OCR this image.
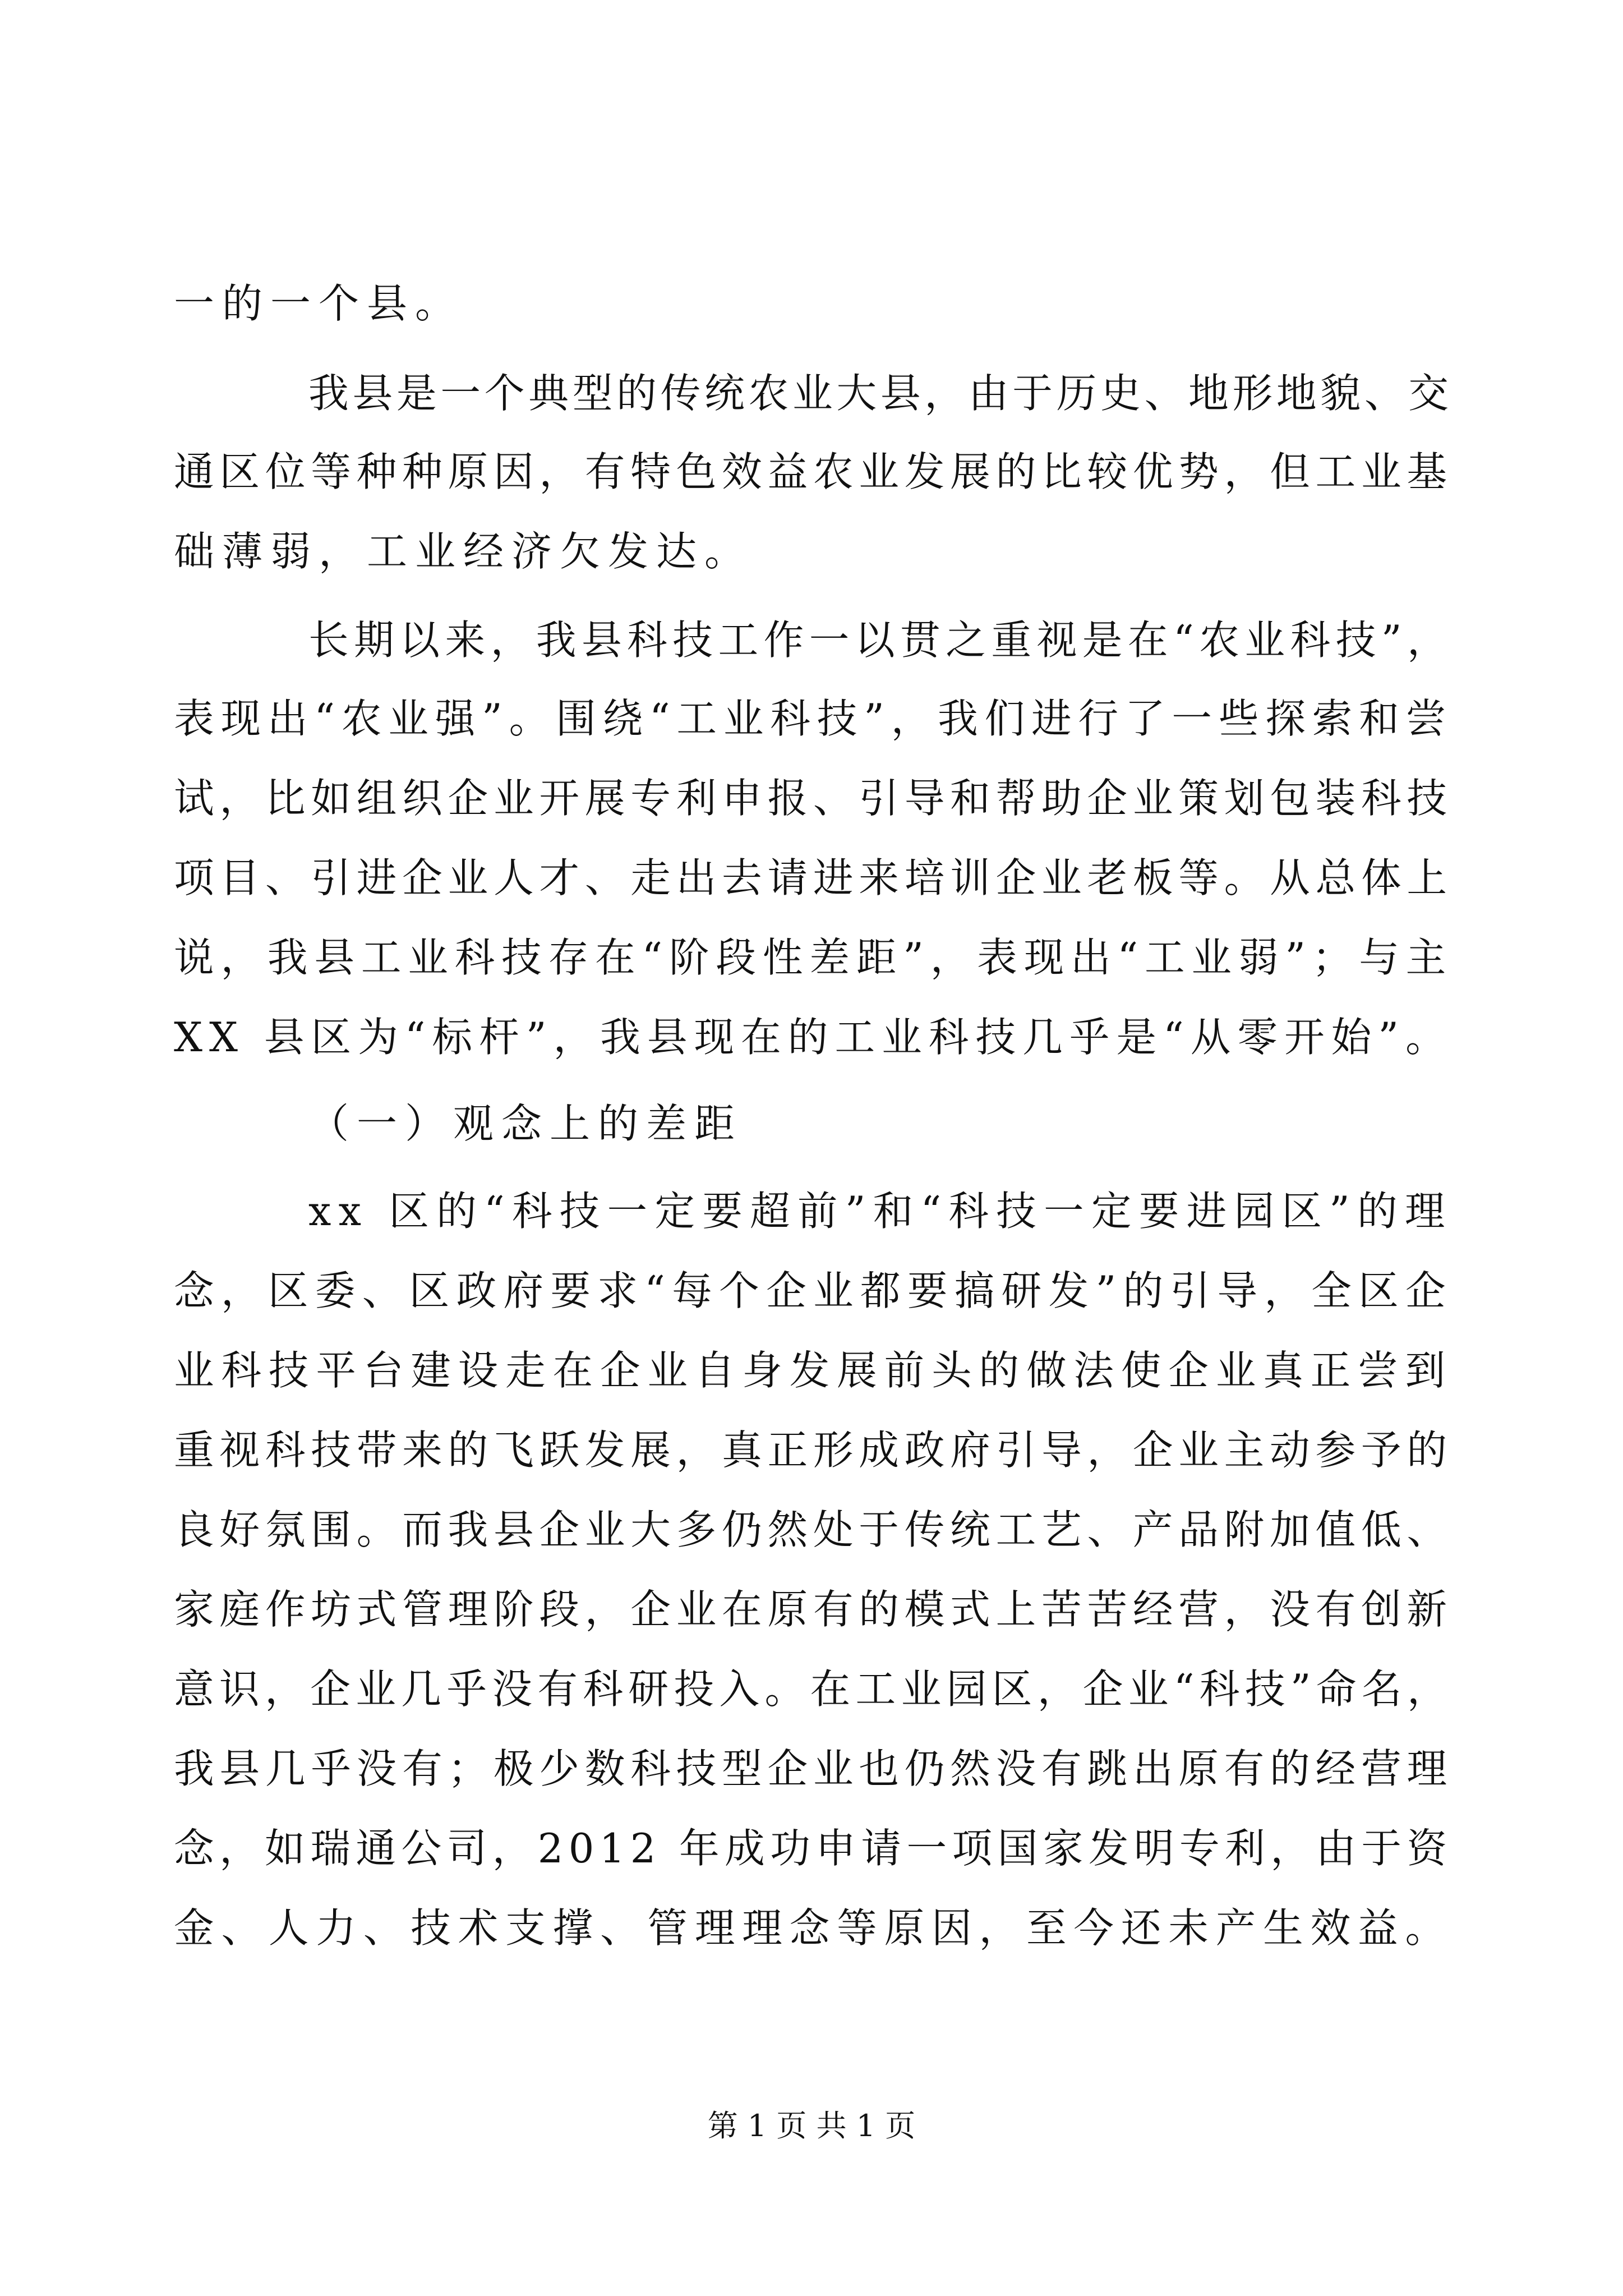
一的一个县。

我县是一个典型的传统农业大县，由于历史、地形地貌、交

通区位等种种原因，有特色效益农业发展的比较优势，但工业基

础薄弱，工业经济欠发达。

长期以来，我县科技工作一以贯之重视是在“农业科技”，

表现出“农业强”。围绕“工业科技”，我们进行了一些探索和尝

试，比如组织企业开展专利申报、引导和帮助企业策划包装科技

项目、引进企业人才、走出去请进来培训企业老板等。从总体上

说，我县工业科技存在“阶段性差距”，表现出“工业弱”；与主

XX 县区为“标杆”，我县现在的工业科技几乎是“从零开始”。

（一）观念上的差距

xx 区的“科技一定要超前”和“科技一定要进园区”的理

念，区委、区政府要求“每个企业都要搞研发”的引导，全区企

业科技平台建设走在企业自身发展前头的做法使企业真正尝到

重视科技带来的飞跃发展，真正形成政府引导，企业主动参予的

良好氛围。而我县企业大多仍然处于传统工艺、产品附加值低、

家庭作坊式管理阶段，企业在原有的模式上苦苦经营，没有创新

意识，企业几乎没有科研投入。在工业园区，企业“科技”命名，

我县几乎没有；极少数科技型企业也仍然没有跳出原有的经营理

念，如瑞通公司，2012 年成功申请一项国家发明专利，由于资

金、人力、技术支撑、管理理念等原因，至今还未产生效益。

第 1 页 共 1 页
